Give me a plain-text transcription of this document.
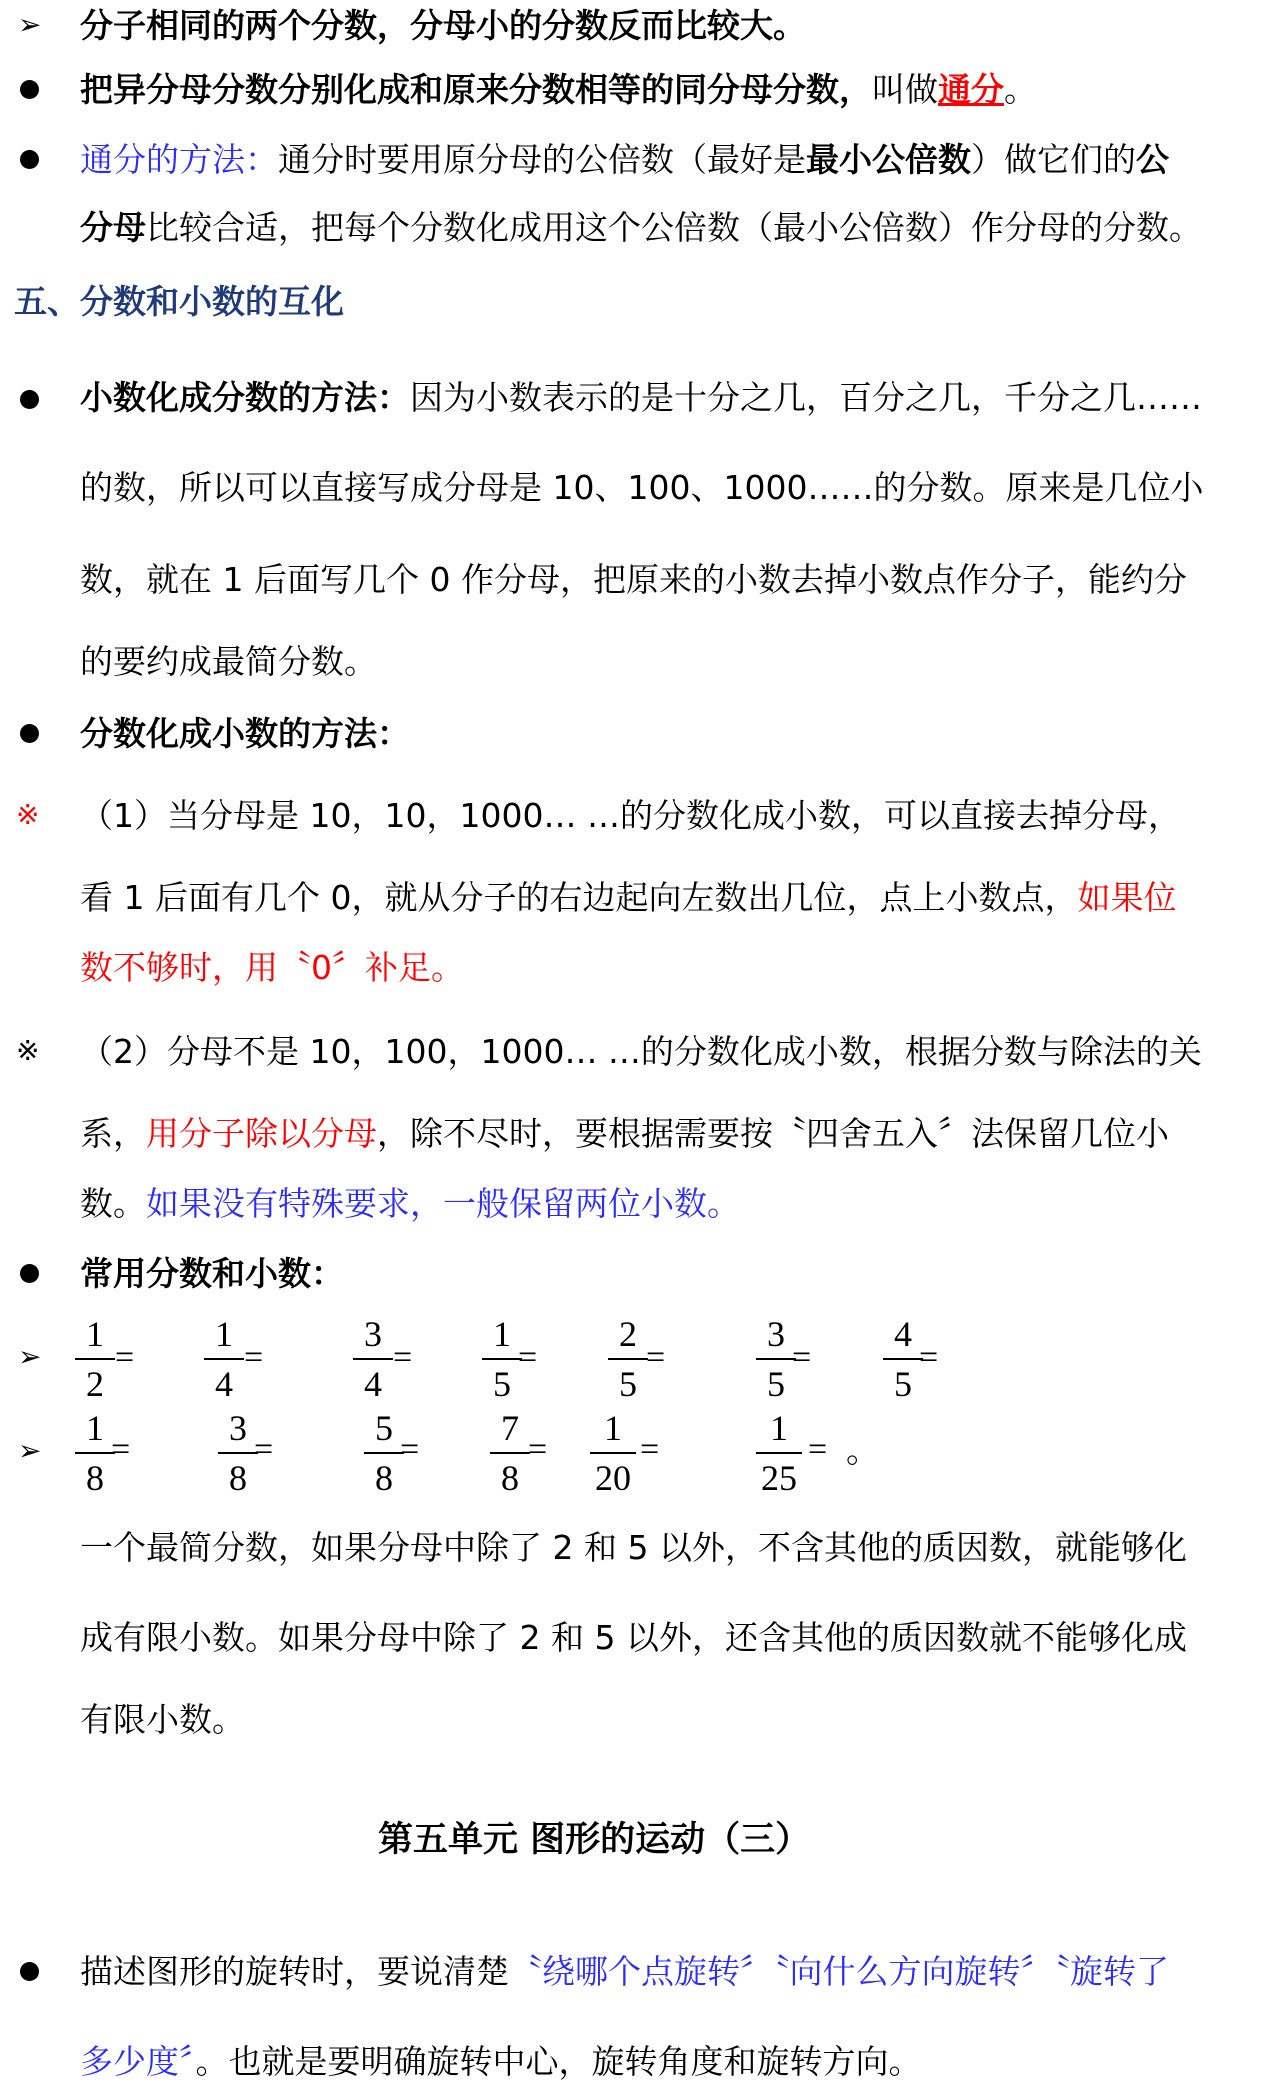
➢ 分子相同的两个分数，分母小的分数反而比较大。
把异分母分数分别化成和原来分数相等的同分母分数，叫做通分。
通分的方法：通分时要用原分母的公倍数（最好是最小公倍数）做它们的公
分母比较合适，把每个分数化成用这个公倍数（最小公倍数）作分母的分数。
五、分数和小数的互化
小数化成分数的方法：因为小数表示的是十分之几，百分之几，千分之几……
的数，所以可以直接写成分母是 10、100、1000……的分数。原来是几位小
数，就在 1 后面写几个 0 作分母，把原来的小数去掉小数点作分子，能约分
的要约成最简分数。
分数化成小数的方法：
※ （1）当分母是 10，10，1000… …的分数化成小数，可以直接去掉分母，
看 1 后面有几个 0，就从分子的右边起向左数出几位，点上小数点，如果位
数不够时，用〝0〞补足。
※ （2）分母不是 10，100，1000… …的分数化成小数，根据分数与除法的关
系，用分子除以分母，除不尽时，要根据需要按〝四舍五入〞法保留几位小
数。如果没有特殊要求，一般保留两位小数。
常用分数和小数：
➢
➢
1
2
=
1
4
=
3
4
=
1
5
=
2
5
=
3
5
=
4
5
=
1
8
=
3
8
=
5
8
=
7
8
=
1
20
=
1
25
= 。
一个最简分数，如果分母中除了 2 和 5 以外，不含其他的质因数，就能够化
成有限小数。如果分母中除了 2 和 5 以外，还含其他的质因数就不能够化成
有限小数。
第五单元 图形的运动（三）
描述图形的旋转时，要说清楚〝绕哪个点旋转〞〝向什么方向旋转〞〝旋转了
多少度〞。也就是要明确旋转中心，旋转角度和旋转方向。
